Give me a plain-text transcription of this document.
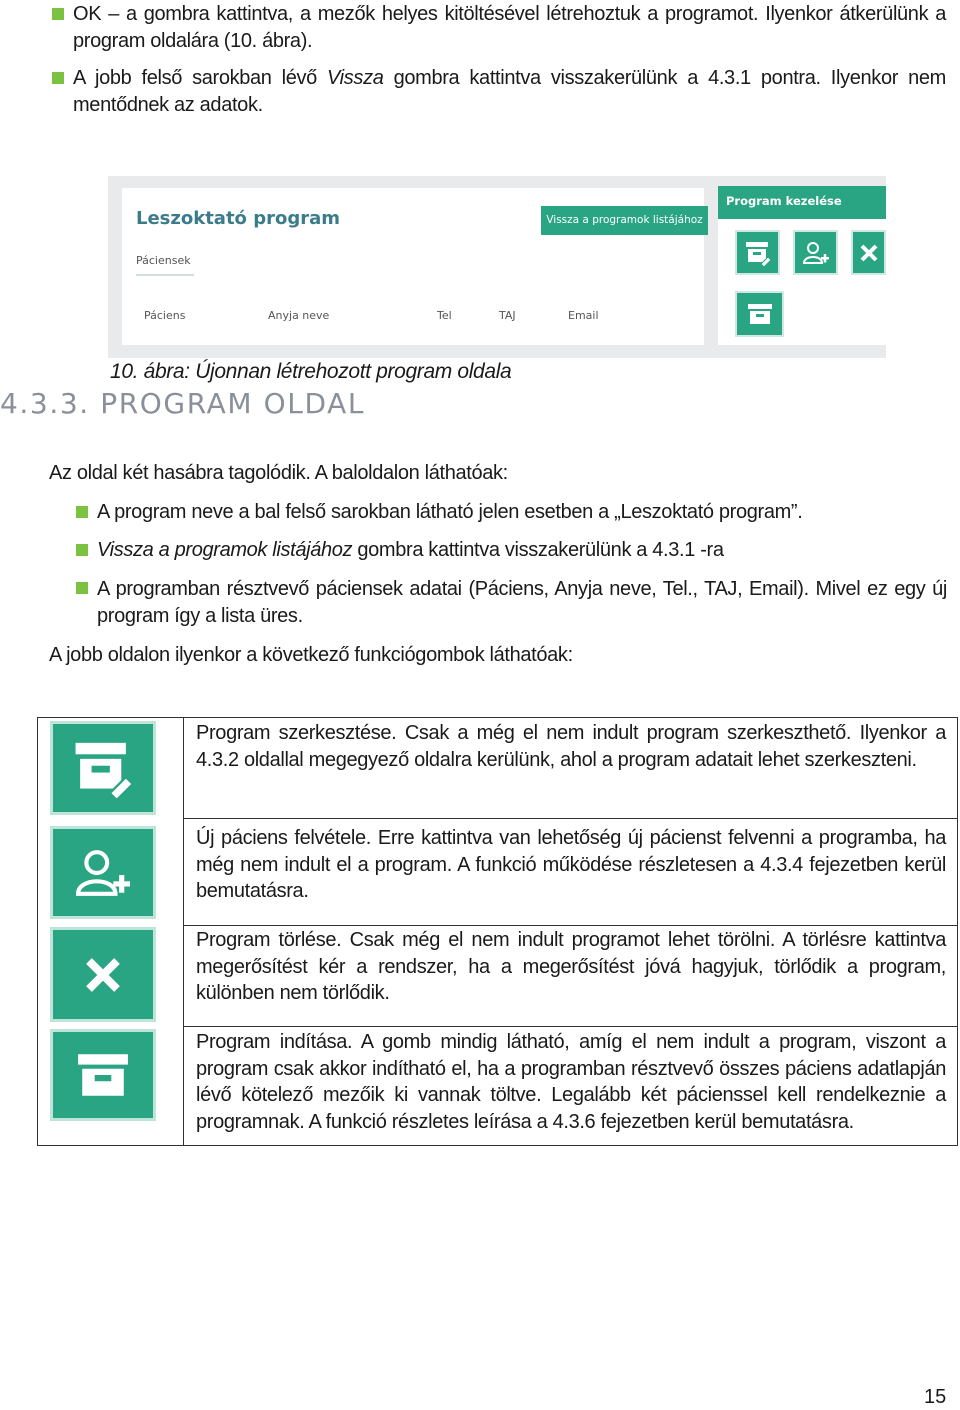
OK – a gombra kattintva, a mezők helyes kitöltésével létrehoztuk a programot. Ilyenkor átkerülünk a program oldalára (10. ábra).
A jobb felső sarokban lévő Vissza gombra kattintva visszakerülünk a 4.3.1 pontra. Ilyenkor nem mentődnek az adatok.
Leszoktató program
Páciensek
Vissza a programok listájához
Páciens	Anyja neve	Tel	TAJ	Email
Program kezelése
10. ábra: Újonnan létrehozott program oldala
4.3.3. PROGRAM OLDAL
Az oldal két hasábra tagolódik. A baloldalon láthatóak:
A program neve a bal felső sarokban látható jelen esetben a „Leszoktató program”.
Vissza a programok listájához gombra kattintva visszakerülünk a 4.3.1 -ra
A programban résztvevő páciensek adatai (Páciens, Anyja neve, Tel., TAJ, Email). Mivel ez egy új program így a lista üres.
A jobb oldalon ilyenkor a következő funkciógombok láthatóak:
Program szerkesztése. Csak a még el nem indult program szerkeszthető. Ilyenkor a 4.3.2 oldallal megegyező oldalra kerülünk, ahol a program adatait lehet szerkeszteni.
Új páciens felvétele. Erre kattintva van lehetőség új pácienst felvenni a programba, ha még nem indult el a program. A funkció működése részletesen a 4.3.4 fejezetben kerül bemutatásra.
Program törlése. Csak még el nem indult programot lehet törölni. A törlésre kattintva megerősítést kér a rendszer, ha a megerősítést jóvá hagyjuk, törlődik a program, különben nem törlődik.
Program indítása. A gomb mindig látható, amíg el nem indult a program, viszont a program csak akkor indítható el, ha a programban résztvevő összes páciens adatlapján lévő kötelező mezőik ki vannak töltve. Legalább két pácienssel kell rendelkeznie a programnak. A funkció részletes leírása a 4.3.6 fejezetben kerül bemutatásra.
15
